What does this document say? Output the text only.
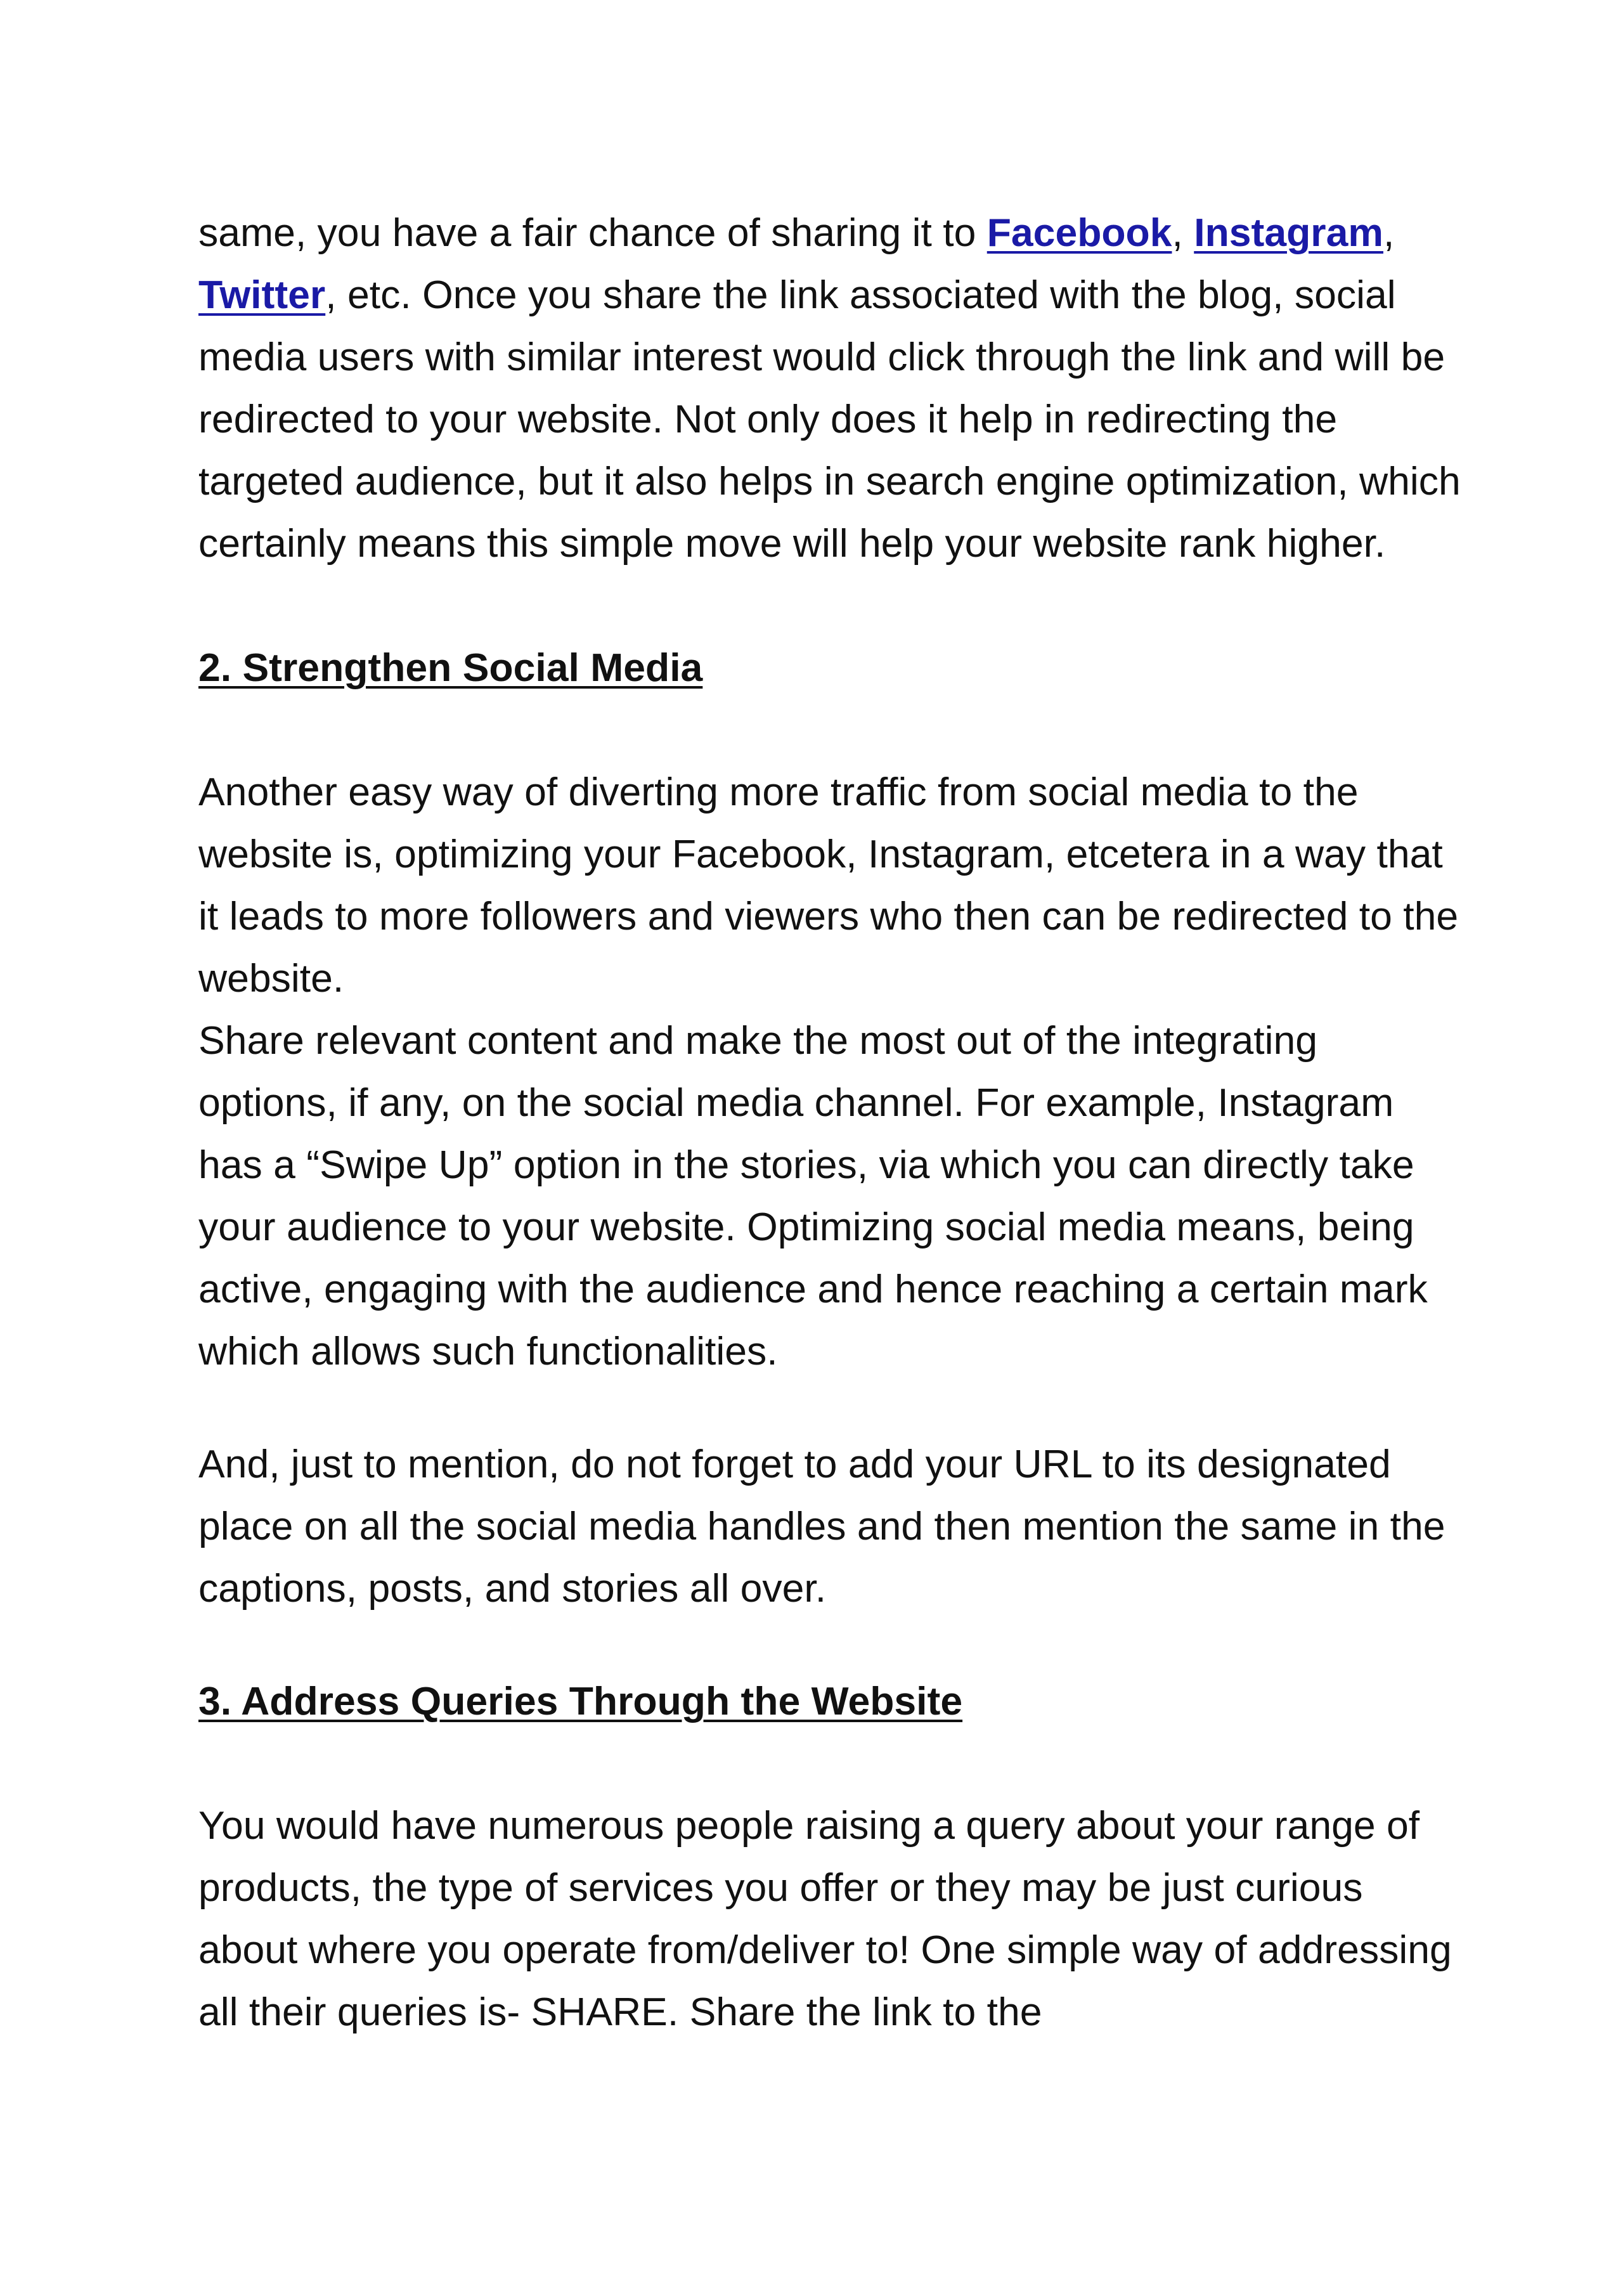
same, you have a fair chance of sharing it to Facebook, Instagram,
Twitter, etc. Once you share the link associated with the blog, social media users with similar interest would click through the link and will be redirected to your website. Not only does it help in redirecting the targeted audience, but it also helps in search engine optimization, which certainly means this simple move will help your website rank higher.

2. Strengthen Social Media

Another easy way of diverting more traffic from social media to the website is, optimizing your Facebook, Instagram, etcetera in a way that it leads to more followers and viewers who then can be redirected to the website.

Share relevant content and make the most out of the integrating options, if any, on the social media channel. For example, Instagram has a “Swipe Up” option in the stories, via which you can directly take your audience to your website. Optimizing social media means, being active, engaging with the audience and hence reaching a certain mark which allows such functionalities.

And, just to mention, do not forget to add your URL to its designated place on all the social media handles and then mention the same in the captions, posts, and stories all over.

3. Address Queries Through the Website

You would have numerous people raising a query about your range of products, the type of services you offer or they may be just curious about where you operate from/deliver to! One simple way of addressing all their queries is- SHARE. Share the link to the
